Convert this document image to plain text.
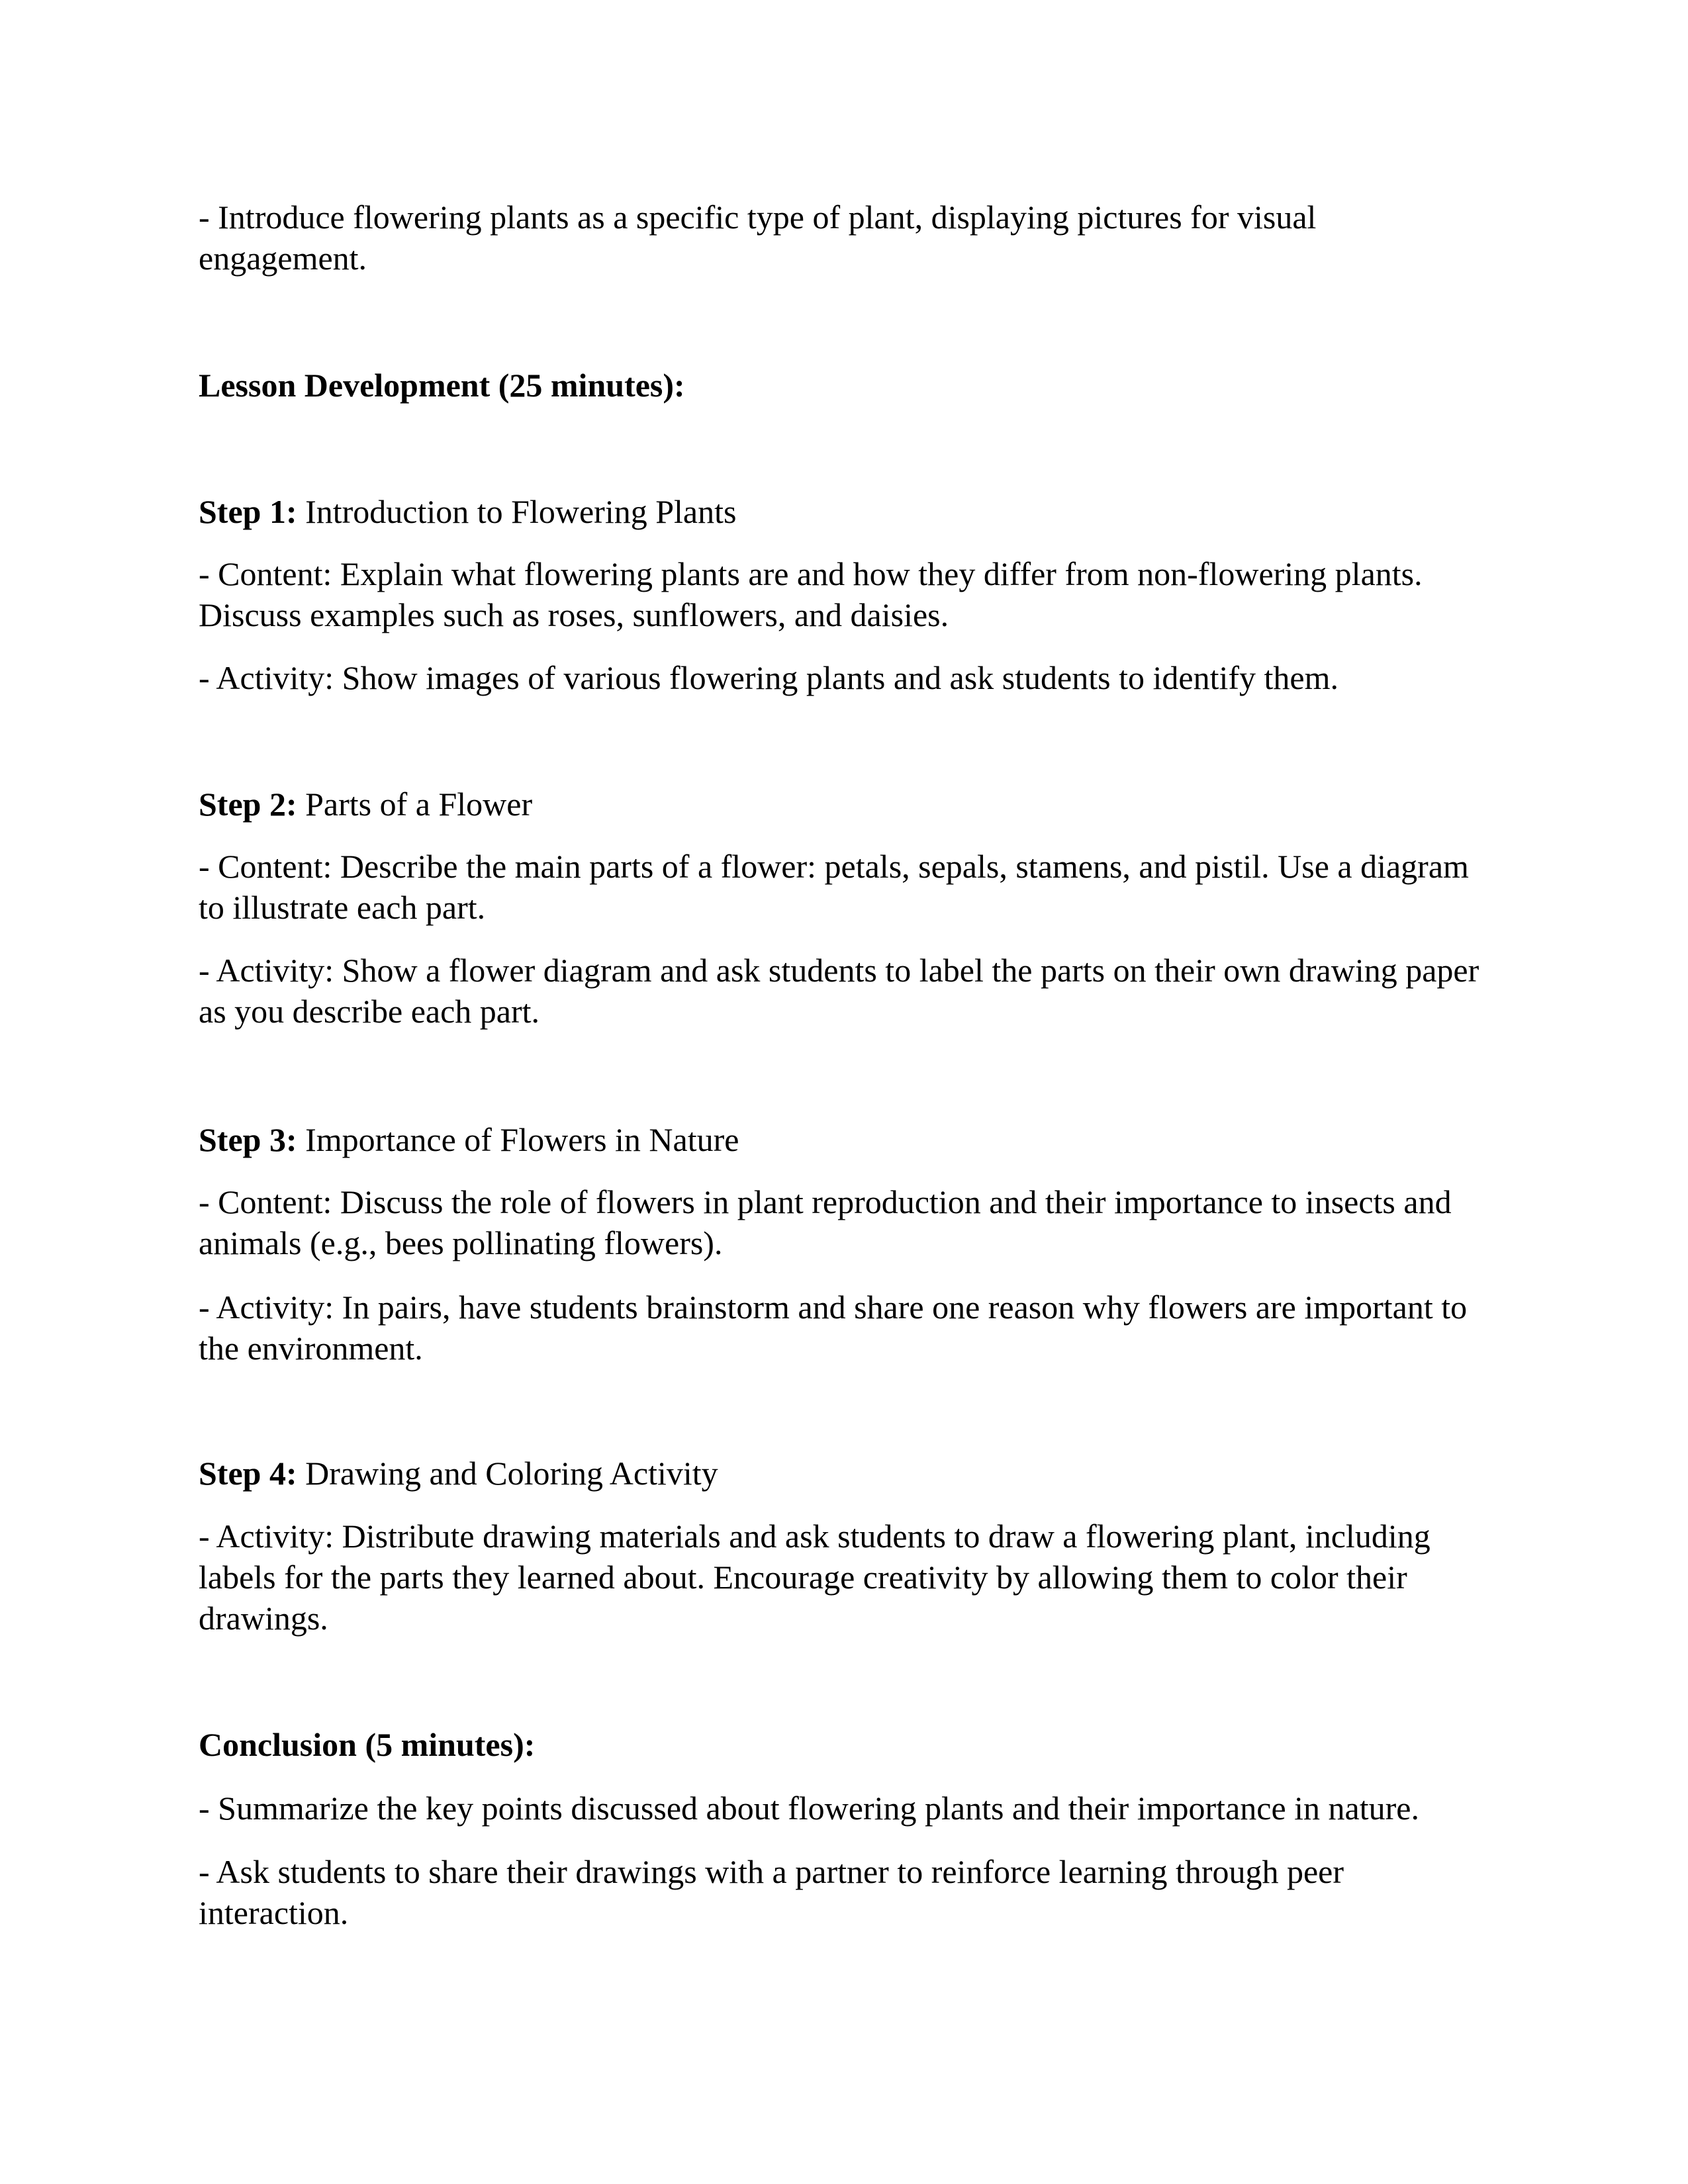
- Introduce flowering plants as a specific type of plant, displaying pictures for visual
engagement.
Lesson Development (25 minutes):
Step 1: Introduction to Flowering Plants
- Content: Explain what flowering plants are and how they differ from non-flowering plants.
Discuss examples such as roses, sunflowers, and daisies.
- Activity: Show images of various flowering plants and ask students to identify them.
Step 2: Parts of a Flower
- Content: Describe the main parts of a flower: petals, sepals, stamens, and pistil. Use a diagram
to illustrate each part.
- Activity: Show a flower diagram and ask students to label the parts on their own drawing paper
as you describe each part.
Step 3: Importance of Flowers in Nature
- Content: Discuss the role of flowers in plant reproduction and their importance to insects and
animals (e.g., bees pollinating flowers).
- Activity: In pairs, have students brainstorm and share one reason why flowers are important to
the environment.
Step 4: Drawing and Coloring Activity
- Activity: Distribute drawing materials and ask students to draw a flowering plant, including
labels for the parts they learned about. Encourage creativity by allowing them to color their
drawings.
Conclusion (5 minutes):
- Summarize the key points discussed about flowering plants and their importance in nature.
- Ask students to share their drawings with a partner to reinforce learning through peer
interaction.
